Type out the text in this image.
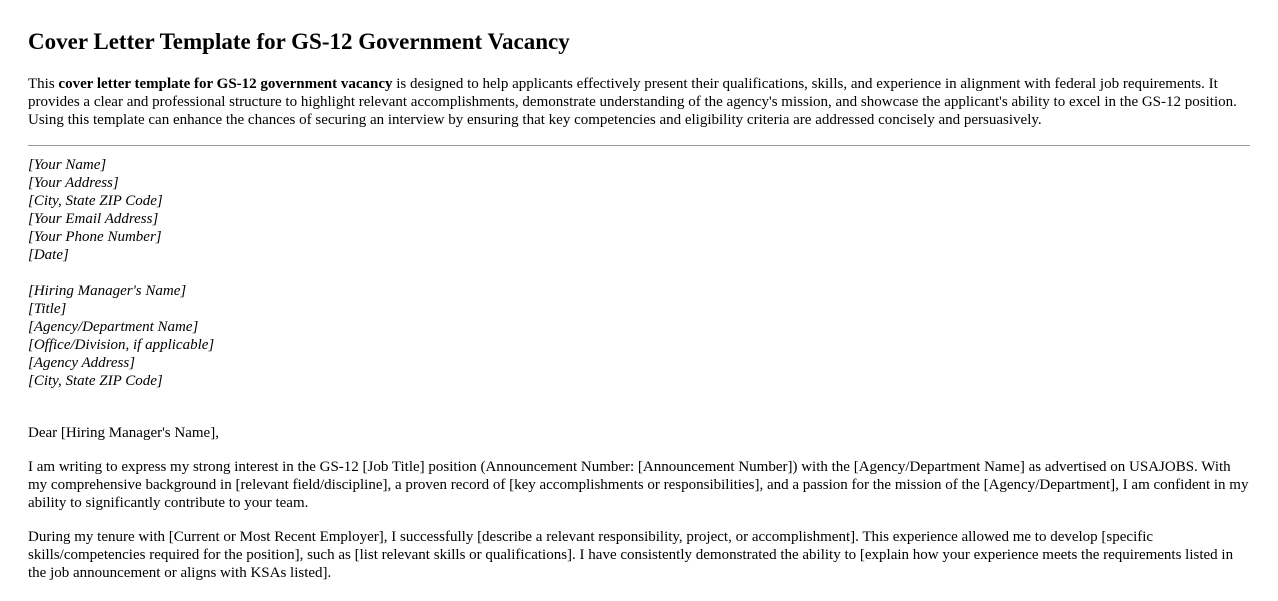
Cover Letter Template for GS-12 Government Vacancy

This cover letter template for GS-12 government vacancy is designed to help applicants effectively present their qualifications, skills, and experience in alignment with federal job requirements. It provides a clear and professional structure to highlight relevant accomplishments, demonstrate understanding of the agency's mission, and showcase the applicant's ability to excel in the GS-12 position. Using this template can enhance the chances of securing an interview by ensuring that key competencies and eligibility criteria are addressed concisely and persuasively.

[Your Name]
[Your Address]
[City, State ZIP Code]
[Your Email Address]
[Your Phone Number]
[Date]
[Hiring Manager's Name]
[Title]
[Agency/Department Name]
[Office/Division, if applicable]
[Agency Address]
[City, State ZIP Code]

Dear [Hiring Manager's Name],

I am writing to express my strong interest in the GS-12 [Job Title] position (Announcement Number: [Announcement Number]) with the [Agency/Department Name] as advertised on USAJOBS. With my comprehensive background in [relevant field/discipline], a proven record of [key accomplishments or responsibilities], and a passion for the mission of the [Agency/Department], I am confident in my ability to significantly contribute to your team.

During my tenure with [Current or Most Recent Employer], I successfully [describe a relevant responsibility, project, or accomplishment]. This experience allowed me to develop [specific skills/competencies required for the position], such as [list relevant skills or qualifications]. I have consistently demonstrated the ability to [explain how your experience meets the requirements listed in the job announcement or aligns with KSAs listed].
